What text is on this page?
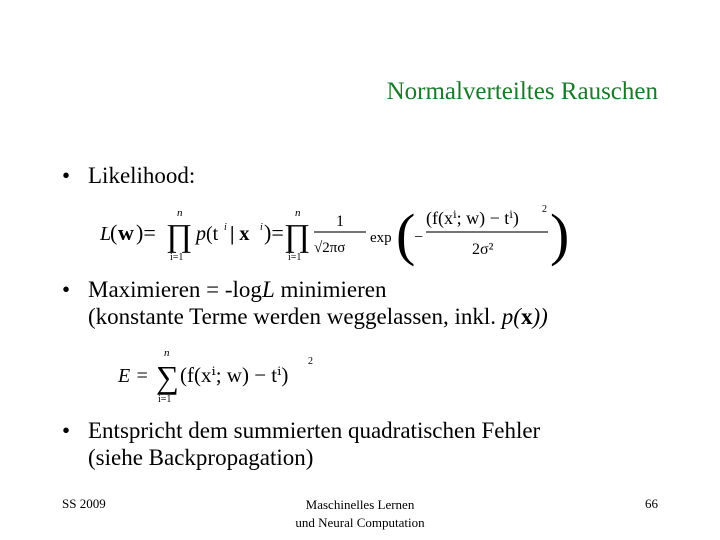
Normalverteiltes Rauschen
• Likelihood:
L
( w )=
n
∏
i=1
p (t i | x i )=
n
∏
i=1
1
√2πσ
exp (
−
(f(xⁱ; w) − tⁱ) 2
2σ² )
• Maximieren = -logL minimieren
(konstante Terme werden weggelassen, inkl. p(x))
E =
n
∑
i=1
(f(xⁱ; w) − tⁱ)
2
• Entspricht dem summierten quadratischen Fehler
(siehe Backpropagation)
SS 2009	Maschinelles Lernen
und Neural Computation
66
